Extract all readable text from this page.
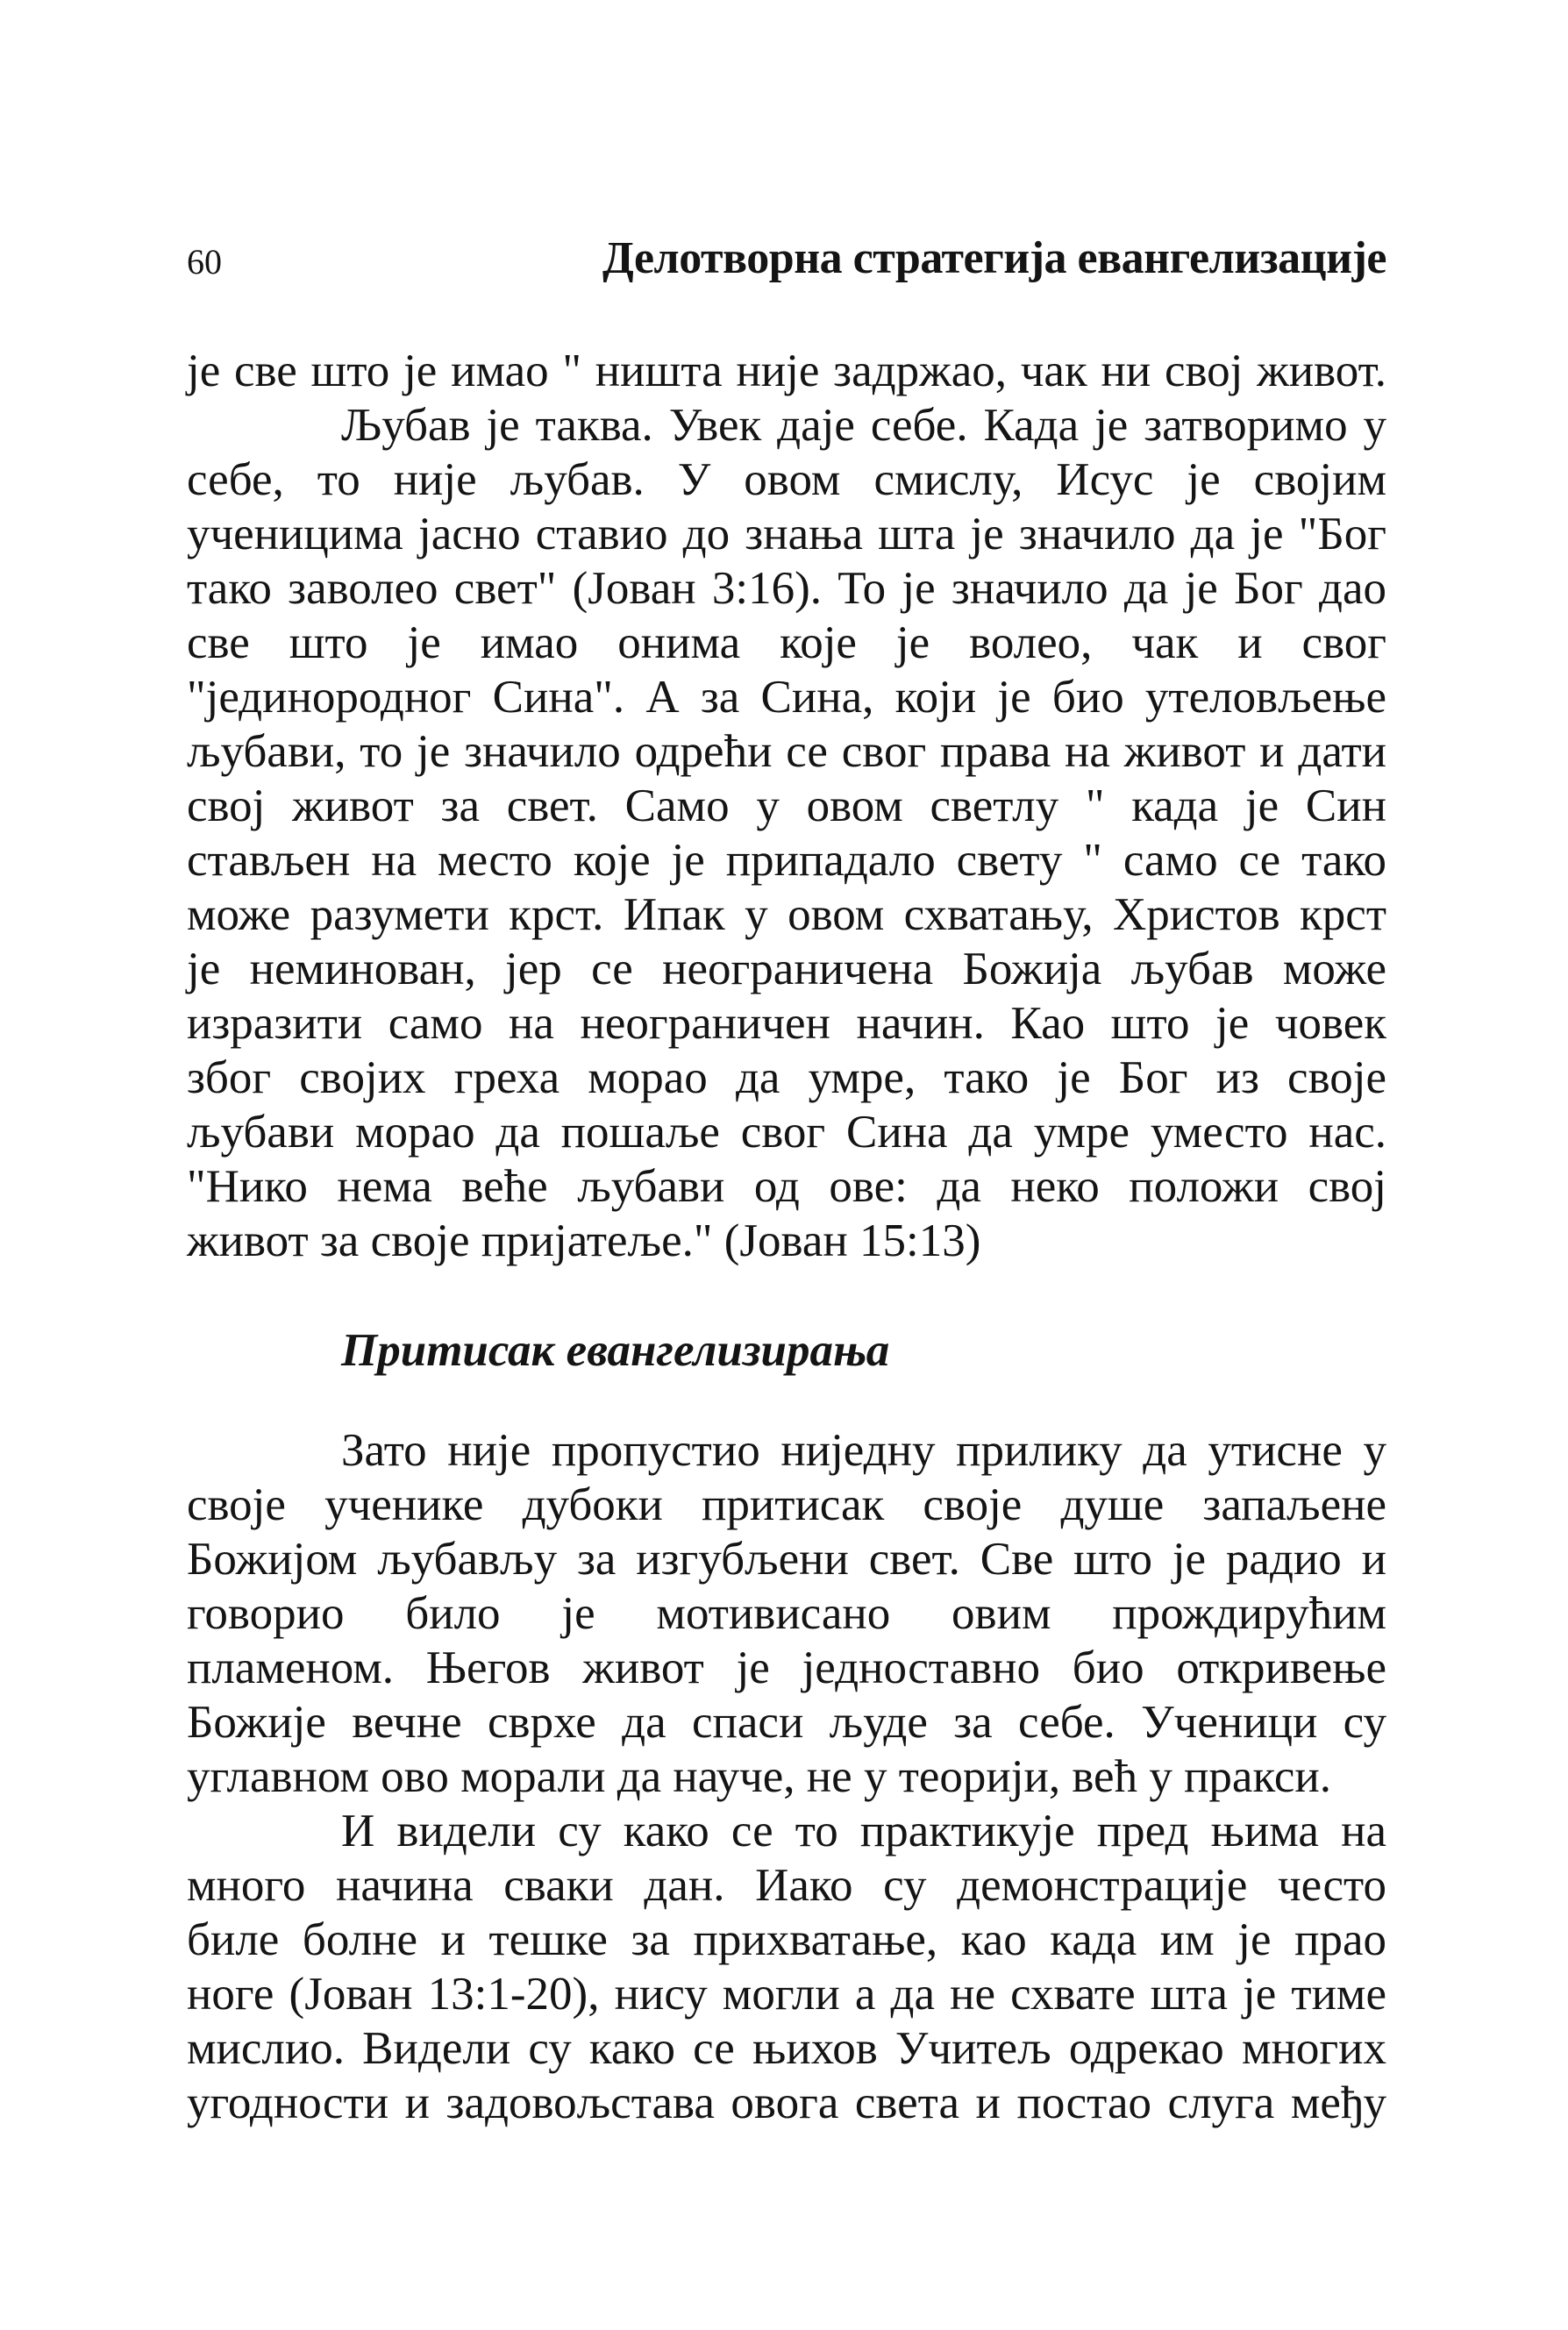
60	Делотворна стратегија евангелизације
је све што је имао " ништа није задржао, чак ни свој живот.
Љубав је таква. Увек даје себе. Када је затворимо у
себе, то није љубав. У овом смислу, Исус је својим
ученицима јасно ставио до знања шта је значило да је "Бог
тако заволео свет" (Јован 3:16). То је значило да је Бог дао
све што је имао онима које је волео, чак и свог
"јединородног Сина". А за Сина, који је био утеловљење
љубави, то је значило одрећи се свог права на живот и дати
свој живот за свет. Само у овом светлу " када је Син
стављен на место које је припадало свету " само се тако
може разумети крст. Ипак у овом схватању, Христов крст
је неминован, јер се неограничена Божија љубав може
изразити само на неограничен начин. Као што је човек
због својих греха морао да умре, тако је Бог из своје
љубави морао да пошаље свог Сина да умре уместо нас.
"Нико нема веће љубави од ове: да неко положи свој
живот за своје пријатеље." (Јован 15:13)
Притисак евангелизирања
Зато није пропустио ниједну прилику да утисне у
своје ученике дубоки притисак своје душе запаљене
Божијом љубављу за изгубљени свет. Све што је радио и
говорио било је мотивисано овим прождирућим
пламеном. Његов живот је једноставно био откривење
Божије вечне сврхе да спаси људе за себе. Ученици су
углавном ово морали да науче, не у теорији, већ у пракси.
И видели су како се то практикује пред њима на
много начина сваки дан. Иако су демонстрације често
биле болне и тешке за прихватање, као када им је прао
ноге (Јован 13:1-20), нису могли а да не схвате шта је тиме
мислио. Видели су како се њихов Учитељ одрекао многих
угодности и задовољстава овога света и постао слуга међу
